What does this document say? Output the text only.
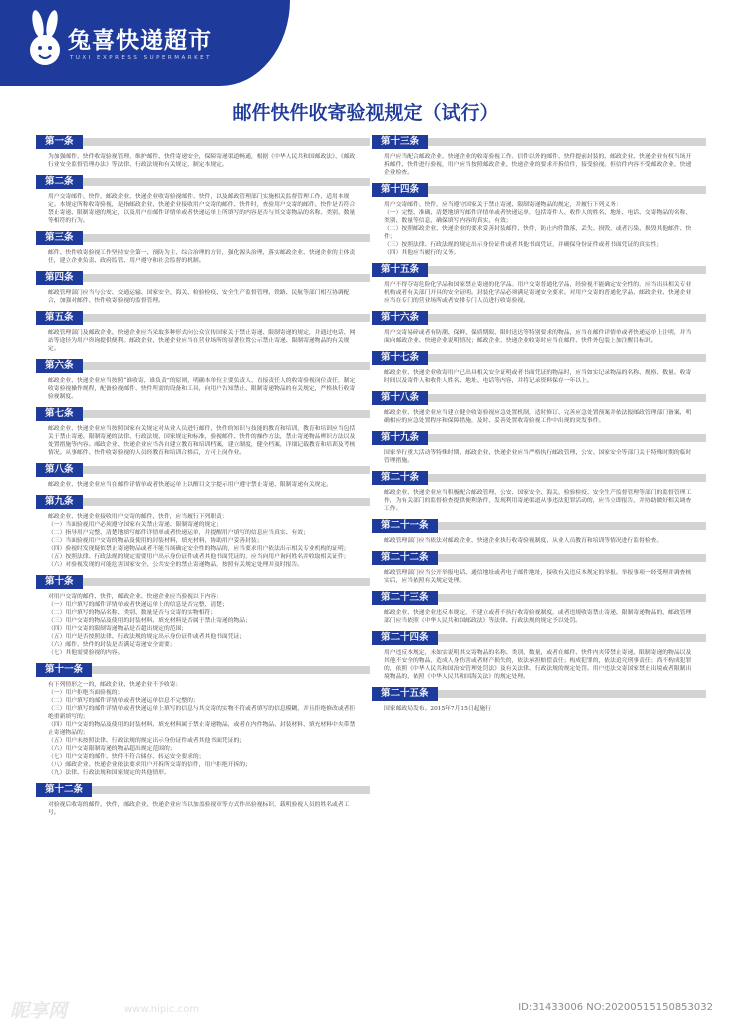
兔喜快递超市
TUXI EXPRESS SUPERMARKET
邮件快件收寄验视规定（试行）
第一条
为加强邮件、快件收寄验视管理，维护邮件、快件寄递安全，保障寄递渠道畅通，根据《中华人民共和国邮政法》、《邮政行业安全监督管理办法》等法律、行政法规和有关规定，制定本规定。
第二条
用户交寄邮件、快件，邮政企业、快递企业收寄验视邮件、快件，以及邮政管理部门实施相关监督管理工作，适用本规定。本规定所称收寄验视，是指邮政企业、快递企业接收用户交寄的邮件、快件时，查验用户交寄的邮件、快件是否符合禁止寄递、限制寄递的规定，以及用户在邮件详情单或者快递运单上所填写的内容是否与其交寄物品的名称、类别、数量等相符的行为。
第三条
邮件、快件收寄验视工作坚持安全第一、预防为主、综合治理的方针，强化源头治理，落实邮政企业、快递企业的主体责任，建立企业负责、政府监管、用户遵守和社会监督的机制。
第四条
邮政管理部门应当与公安、交通运输、国家安全、海关、检验检疫、安全生产监督管理、铁路、民航等部门相互协调配合，加强对邮件、快件收寄验视的监督管理。
第五条
邮政管理部门及邮政企业、快递企业应当采取多种形式向公众宣传国家关于禁止寄递、限制寄递的规定，并通过电话、网站等途径为用户咨询提供便利。邮政企业、快递企业应当在营业场所的显著位置公示禁止寄递、限制寄递物品的有关规定。
第六条
邮政企业、快递企业应当按照“谁收寄，谁负责”的原则，明确本单位主要负责人、直接责任人的收寄验视岗位责任，制定收寄验视操作规程，配备验视邮件、快件所需的设备和工具，向用户告知禁止、限制寄递物品的有关规定，严格执行收寄验视制度。
第七条
邮政企业、快递企业应当按照国家有关规定对从业人员进行邮件、快件的知识与技能的教育和培训，教育和培训应当包括关于禁止寄递、限制寄递的法律、行政法规、国家规定和标准，验视邮件、快件的操作方法，禁止寄递物品辨识方法以及处置措施等内容。邮政企业、快递企业应当各自建立教育和培训档案，建立制度，健全档案，详细记载教育和培训及考核情况。从事邮件、快件收寄验视的人员经教育和培训合格后，方可上岗作业。
第八条
邮政企业、快递企业应当在邮件详情单或者快递运单上以醒目文字提示用户遵守禁止寄递、限制寄递有关规定。
第九条
邮政企业、快递企业接收用户交寄的邮件、快件，应当履行下列职责：
（一）当面验视用户必须遵守国家有关禁止寄递、限制寄递的规定；
（二）指导用户完整、清楚地填写邮件详情单或者快递运单，并提醒用户填写的信息应当真实、有效；
（三）当面验视用户交寄的物品及使用的封装材料，填充材料，协助用户妥善封装；
（四）验视时发现疑似禁止寄递物品或者不能当场确定安全性的物品的，应当要求用户依法出示相关专业机构的证明；
（五）按照法律、行政法规的规定需要用户出示身份证件或者其他书面凭证的，应当向用户询问姓名并收取相关证件；
（六）对验视发现的可能危害国家安全、公共安全的禁止寄递物品，按照有关规定处理并及时报告。
第十条
对用户交寄的邮件、快件，邮政企业、快递企业应当验视以下内容：
（一）用户填写的邮件详情单或者快递运单上的信息是否完整、清楚；
（二）用户填写的物品名称、类别、数量是否与交寄的实物相符；
（三）用户交寄的物品及使用的封装材料、填充材料是否属于禁止寄递的物品；
（四）用户交寄的限制寄递物品是否超出规定的范围；
（五）用户是否按照法律、行政法规的规定出示身份证件或者其他书面凭证；
（六）邮件、快件的封装是否满足寄递安全需要；
（七）其他需要验视的内容。
第十一条
有下列情形之一的，邮政企业、快递企业不予收寄：
（一）用户拒绝当面验视的；
（二）用户填写的邮件详情单或者快递运单信息不完整的；
（三）用户填写的邮件详情单或者快递运单上填写的信息与其交寄的实物不符或者填写的信息模糊，并且拒绝修改或者拒绝重新填写的；
（四）用户交寄的物品及使用的封装材料、填充材料属于禁止寄递物品，或者在内件物品、封装材料、填充材料中夹带禁止寄递物品的；
（五）用户未按照法律、行政法规的规定出示身份证件或者其他书面凭证的；
（六）用户交寄限制寄递的物品超出规定范围的；
（七）用户交寄的邮件、快件不符合储存、转运安全要求的；
（八）邮政企业、快递企业依法要求用户开拆所交寄的信件，用户拒绝开拆的；
（九）法律、行政法规和国家规定的其他情形。
第十二条
对验视后收寄的邮件、快件，邮政企业、快递企业应当以加盖验视章等方式作出验视标识，载明验视人员的姓名或者工号。
第十三条
用户应当配合邮政企业、快递企业的收寄验视工作。信件以外的邮件、快件提前封装的，邮政企业、快递企业有权当场开拆邮件、快件进行验视，用户应当按照邮政企业、快递企业的要求开拆信件，接受验视。但信件内容不受邮政企业、快递企业检查。
第十四条
用户交寄邮件、快件，应当遵守国家关于禁止寄递、限制寄递物品的规定，并履行下列义务：
（一）完整、准确、清楚地填写邮件详情单或者快递运单，包括寄件人、收件人的姓名、地址、电话、交寄物品的名称、类别、数量等信息，确保填写内容的真实、有效；
（二）按照邮政企业、快递企业的要求妥善封装邮件、快件，防止内件散落、丢失、损毁，或者污染、损毁其他邮件、快件；
（三）按照法律、行政法规的规定出示身份证件或者其他书面凭证，并确保身份证件或者书面凭证的真实性；
（四）其他应当履行的义务。
第十五条
用户不得夺寄危险化学品和国家禁止寄递的化学品。用户交寄普通化学品，经验视不能确定安全性的，应当出具相关专业机构或者有关部门开具的安全证明。封装化学品必须满足寄递安全要求。对用户交寄的普通化学品，邮政企业、快递企业应当在专门的营业场所或者安排专门人员进行收寄验视。
第十六条
用户交寄易碎或者有防潮、保鲜、保质期限、限时送达等特别要求的物品，应当在邮件详情单或者快递运单上注明，并当面向邮政企业、快递企业说明情况；邮政企业、快递企业收寄时应当在邮件、快件外包装上加注醒目标识。
第十七条
邮政企业、快递企业收寄用户已出具相关安全证明或者书面凭证的物品时，应当如实记录物品的名称、规格、数量、收寄时间以及寄件人和收件人姓名、地址、电话等内容，并将记录资料保存一年以上。
第十八条
邮政企业、快递企业应当建立健全收寄验视应急处置机制，适时修订、完善应急处置预案并依法报邮政管理部门备案，明确相应的应急处置程序和保障措施，及时、妥善处置收寄验视工作中出现的突发事件。
第十九条
国家举行重大活动等特殊时期，邮政企业、快递企业应当严格执行邮政管理、公安、国家安全等部门关于特殊时期的临时管理措施。
第二十条
邮政企业、快递企业应当积极配合邮政管理、公安、国家安全、海关、检验检疫、安全生产监督管理等部门的监督管理工作，为有关部门的监督检查提供便利条件，发现利用寄递渠道从事违法犯罪活动的，应当立即报告，并协助做好相关调查工作。
第二十一条
邮政管理部门应当依法对邮政企业、快递企业执行收寄验视制度、从业人员教育和培训等情况进行监督检查。
第二十二条
邮政管理部门应当公开举报电话、通信地址或者电子邮件地址，接收有关违反本规定的举报。举报事项一经受理并调查核实后，应当依照有关规定处理。
第二十三条
邮政企业、快递企业违反本规定，不建立或者不执行收寄验视制度，或者违规收寄禁止寄递、限制寄递物品的，邮政管理部门应当依照《中华人民共和国邮政法》等法律、行政法规的规定予以处罚。
第二十四条
用户违反本规定，未如实说明其交寄物品的名称、类别、数量，或者在邮件、快件内夹带禁止寄递、限制寄递的物品以及其他不安全的物品，造成人身伤害或者财产损失的，依法承担赔偿责任；构成犯罪的，依法追究刑事责任；尚不构成犯罪的，依照《中华人民共和国治安管理处罚法》及有关法律、行政法规的规定处罚。用户违法交寄国家禁止出境或者限制出境物品的，依照《中华人民共和国海关法》的规定处理。
第二十五条
国家邮政局发布。2015年7月15日起施行
昵享网	www.nipic.com	ID:31433006 NO:20200515150853032
